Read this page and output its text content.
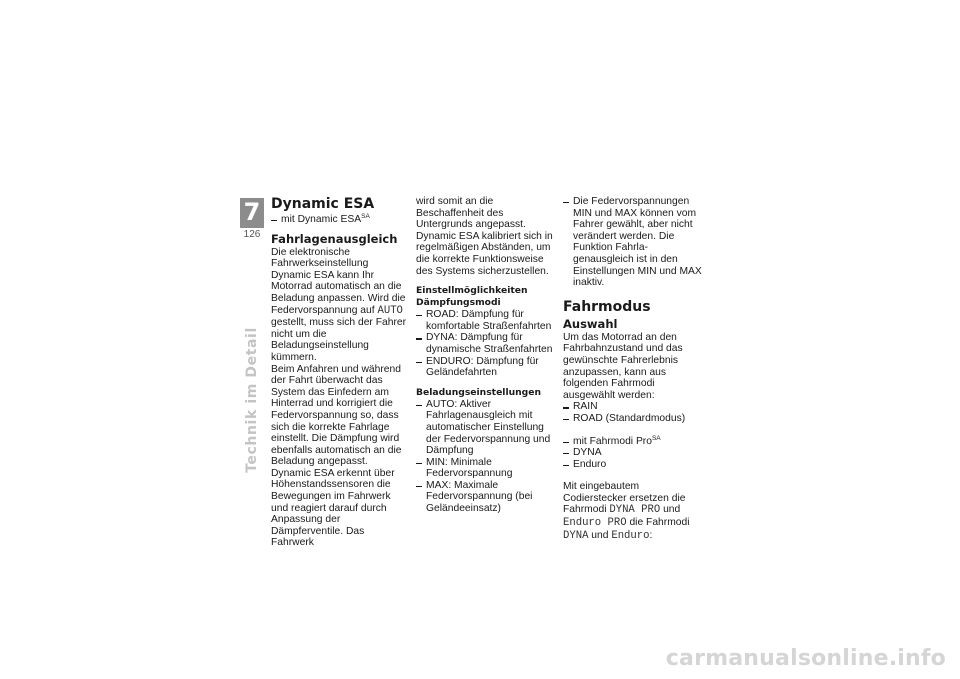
7
126
Technik im Detail
Dynamic ESA
mit Dynamic $ESA^{SA}$
Fahrlagenausgleich

Die elektronische Fahrwerkseinstellung Dynamic ESA kann Ihr Motorrad automatisch an die Beladung anpassen. Wird die Federvorspannung auf AUTO gestellt, muss sich der Fahrer nicht um die Beladungseinstellung kümmern.

Beim Anfahren und während der Fahrt überwacht das System das Einfedern am Hinterrad und korrigiert die Federvorspannung so, dass sich die korrekte Fahrlage einstellt. Die Dämpfung wird ebenfalls automatisch an die Beladung angepasst.

Dynamic ESA erkennt über Höhenstandssensoren die Bewegungen im Fahrwerk und reagiert darauf durch Anpassung der Dämpferventile. Das Fahrwerk

wird somit an die Beschaffenheit des Untergrunds angepasst. Dynamic ESA kalibriert sich in regelmäßigen Abständen, um die korrekte Funktionsweise des Systems sicherzustellen.

Einstellmöglichkeiten
Dämpfungsmodi
ROAD: Dämpfung für komfortable Straßenfahrten
DYNA: Dämpfung für dynamische Straßenfahrten
ENDURO: Dämpfung für Geländefahrten
Beladungseinstellungen
AUTO: Aktiver Fahrlagenausgleich mit automatischer Einstellung der Federvorspannung und Dämpfung
MIN: Minimale Federvorspannung
MAX: Maximale Federvorspannung (bei Geländeeinsatz)
Die Federvorspannungen MIN und MAX können vom Fahrer gewählt, aber nicht verändert werden. Die Funktion Fahrlagenausgleich ist in den Einstellungen MIN und MAX inaktiv.
Fahrmodus
Auswahl

Um das Motorrad an den Fahrbahnzustand und das gewünschte Fahrerlebnis anzupassen, kann aus folgenden Fahrmodi ausgewählt werden:

RAIN
ROAD (Standardmodus)
mit Fahrmodi Pro$^{SA}$
DYNA
Enduro

Mit eingebautem Codierstecker ersetzen die Fahrmodi DYNA PRO und Enduro PRO die Fahrmodi DYNA und Enduro:

carmanualsonline.info
